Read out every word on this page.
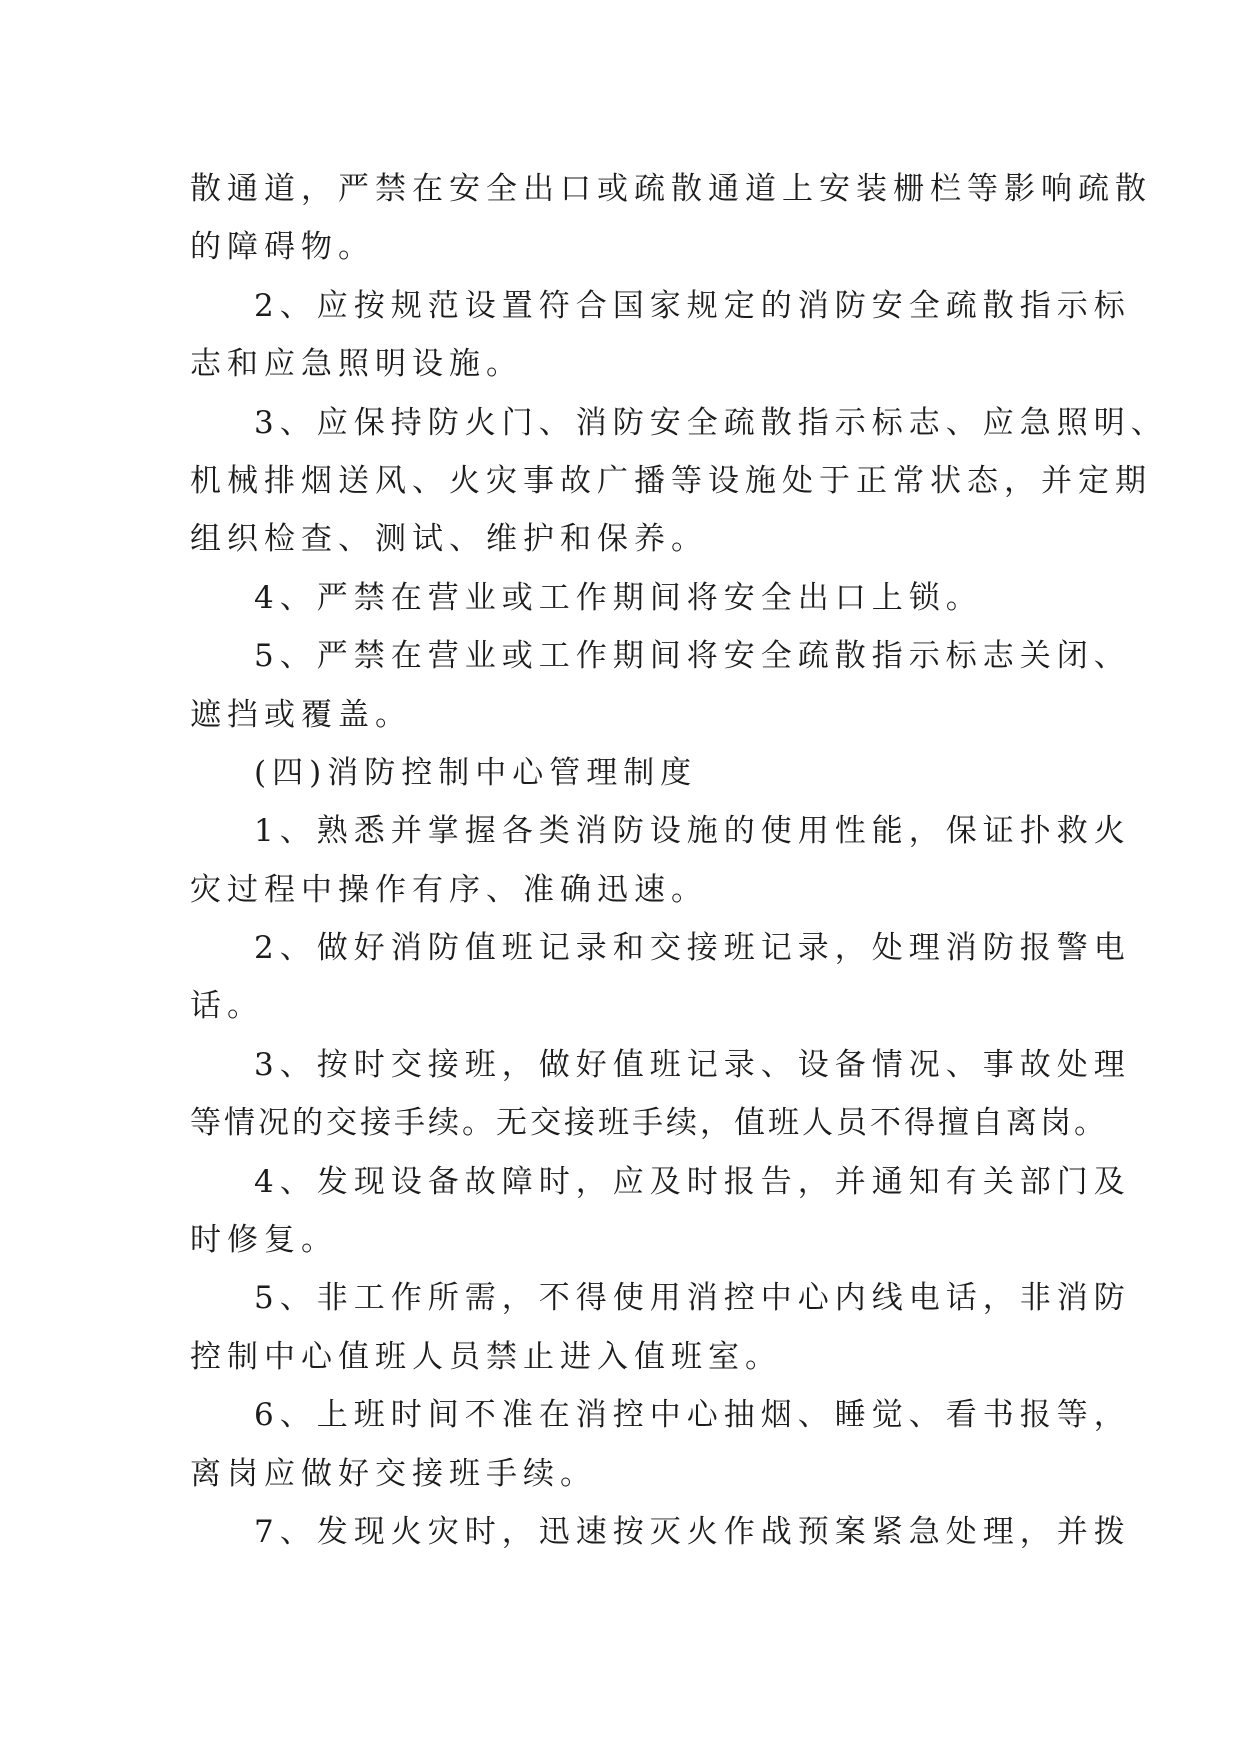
散通道，严禁在安全出口或疏散通道上安装栅栏等影响疏散
的障碍物。
2、应按规范设置符合国家规定的消防安全疏散指示标
志和应急照明设施。
3、应保持防火门、消防安全疏散指示标志、应急照明、
机械排烟送风、火灾事故广播等设施处于正常状态，并定期
组织检查、测试、维护和保养。
4、严禁在营业或工作期间将安全出口上锁。
5、严禁在营业或工作期间将安全疏散指示标志关闭、
遮挡或覆盖。
(四)消防控制中心管理制度
1、熟悉并掌握各类消防设施的使用性能，保证扑救火
灾过程中操作有序、准确迅速。
2、做好消防值班记录和交接班记录，处理消防报警电
话。
3、按时交接班，做好值班记录、设备情况、事故处理
等情况的交接手续。无交接班手续，值班人员不得擅自离岗。
4、发现设备故障时，应及时报告，并通知有关部门及
时修复。
5、非工作所需，不得使用消控中心内线电话，非消防
控制中心值班人员禁止进入值班室。
6、上班时间不准在消控中心抽烟、睡觉、看书报等，
离岗应做好交接班手续。
7、发现火灾时，迅速按灭火作战预案紧急处理，并拨
